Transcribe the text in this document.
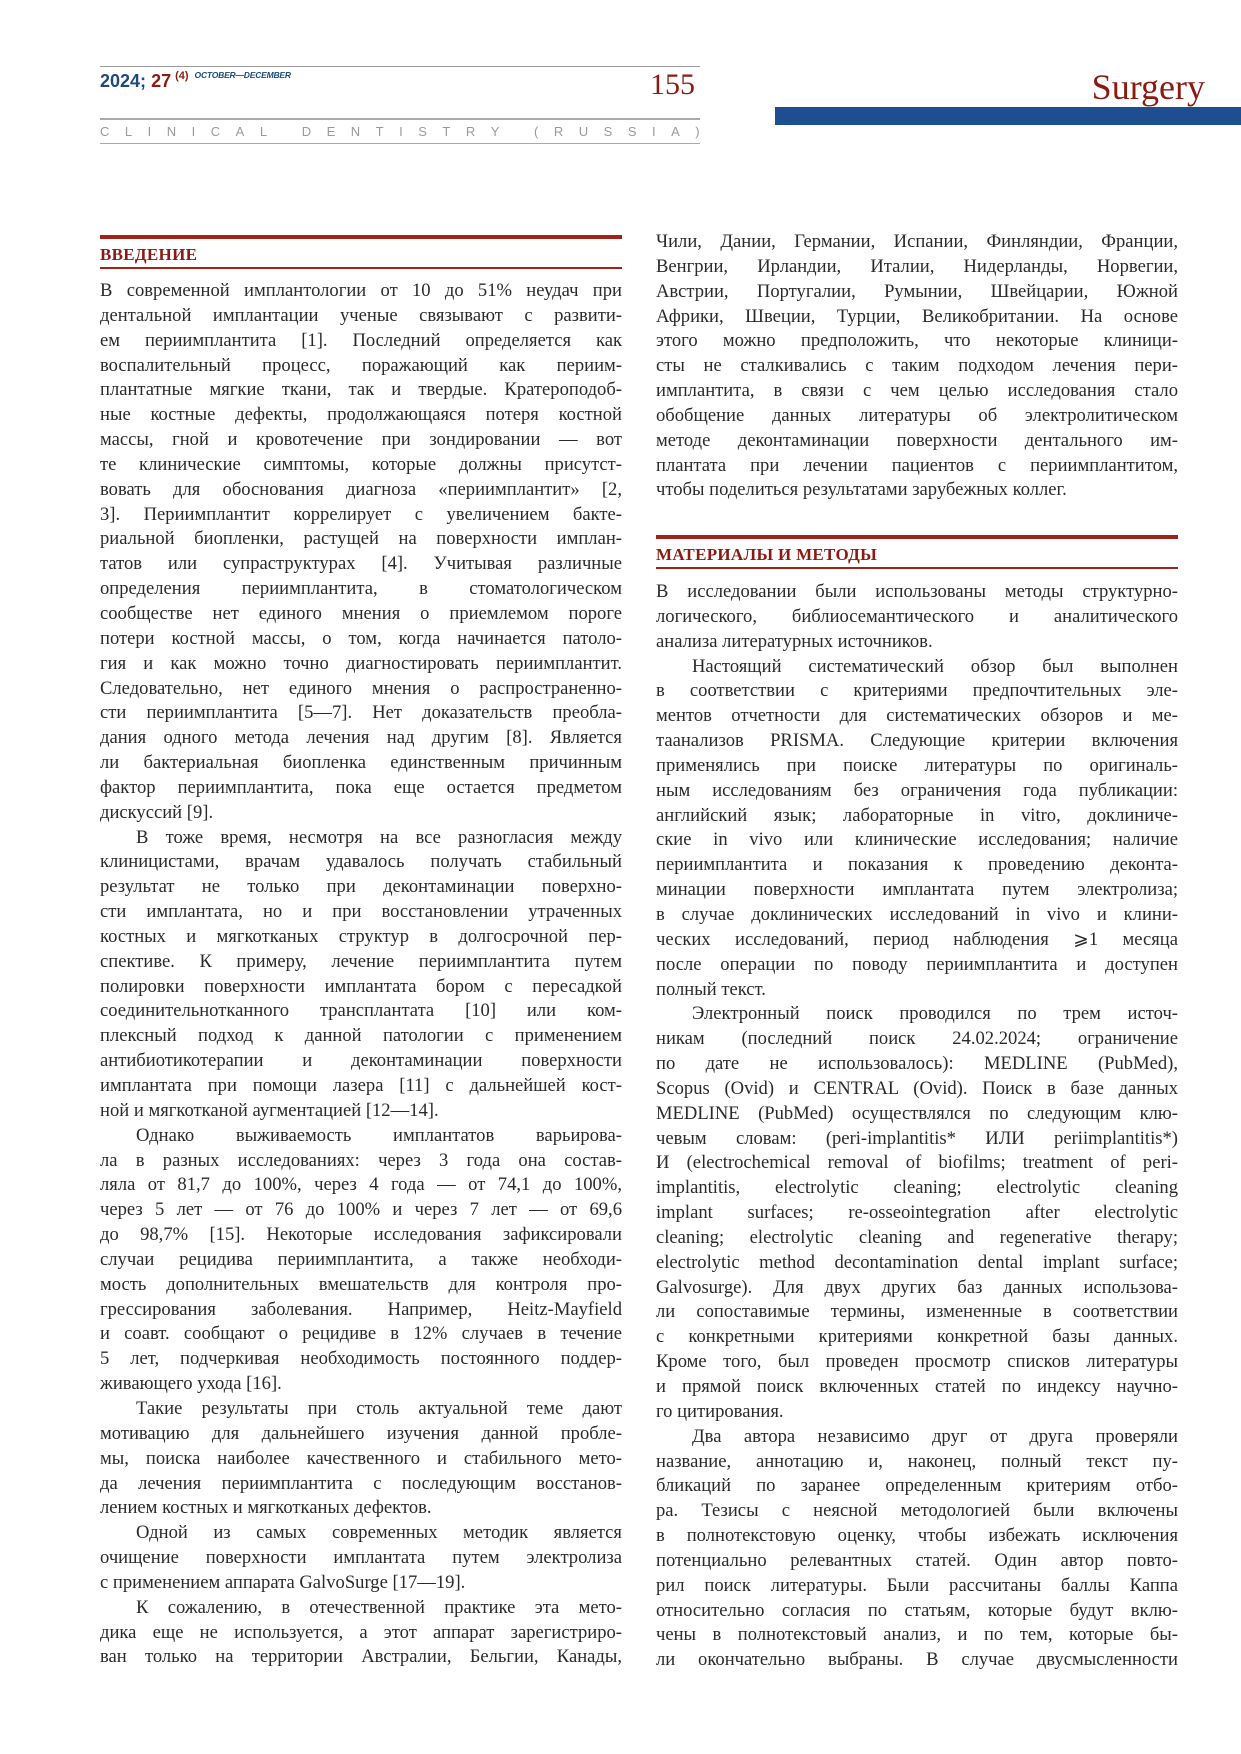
2024; 27 $^{(4)}$ $^{OCTOBER—DECEMBER}$	155
C L I N I C A L
	D E N T I S T R Y
	( R U S S I A )
Surgery
ВВЕДЕНИЕ
В современной имплантологии от 10 до 51% неудач при
дентальной имплантации ученые связывают с развити-
ем периимплантита [1]. Последний определяется как
воспалительный процесс, поражающий как периим-
плантатные мягкие ткани, так и твердые. Кратероподоб-
ные костные дефекты, продолжающаяся потеря костной
массы, гной и кровотечение при зондировании — вот
те клинические симптомы, которые должны присутст-
вовать для обоснования диагноза «периимплантит» [2,
3]. Периимплантит коррелирует с увеличением бакте-
риальной биопленки, растущей на поверхности имплан-
татов или супраструктурах [4]. Учитывая различные
определения периимплантита, в стоматологическом
сообществе нет единого мнения о приемлемом пороге
потери костной массы, о том, когда начинается патоло-
гия и как можно точно диагностировать периимплантит.
Следовательно, нет единого мнения о распространенно-
сти периимплантита [5—7]. Нет доказательств преобла-
дания одного метода лечения над другим [8]. Является
ли бактериальная биопленка единственным причинным
фактор периимплантита, пока еще остается предметом
дискуссий [9].
В тоже время, несмотря на все разногласия между
клиницистами, врачам удавалось получать стабильный
результат не только при деконтаминации поверхно-
сти имплантата, но и при восстановлении утраченных
костных и мягкотканых структур в долгосрочной пер-
спективе. К примеру, лечение периимплантита путем
полировки поверхности имплантата бором с пересадкой
соединительнотканного трансплантата [10] или ком-
плексный подход к данной патологии с применением
антибиотикотерапии и деконтаминации поверхности
имплантата при помощи лазера [11] с дальнейшей кост-
ной и мягкотканой аугментацией [12—14].
Однако выживаемость имплантатов варьирова-
ла в разных исследованиях: через 3 года она состав-
ляла от 81,7 до 100%, через 4 года — от 74,1 до 100%,
через 5 лет — от 76 до 100% и через 7 лет — от 69,6
до 98,7% [15]. Некоторые исследования зафиксировали
случаи рецидива периимплантита, а также необходи-
мость дополнительных вмешательств для контроля про-
грессирования заболевания. Например, Heitz-Mayfield
и соавт. сообщают о рецидиве в 12% случаев в течение
5 лет, подчеркивая необходимость постоянного поддер-
живающего ухода [16].
Такие результаты при столь актуальной теме дают
мотивацию для дальнейшего изучения данной пробле-
мы, поиска наиболее качественного и стабильного мето-
да лечения периимплантита с последующим восстанов-
лением костных и мягкотканых дефектов.
Одной из самых современных методик является
очищение поверхности имплантата путем электролиза
с применением аппарата GalvoSurge [17—19].
К сожалению, в отечественной практике эта мето-
дика еще не используется, а этот аппарат зарегистриро-
ван только на территории Австралии, Бельгии, Канады,
Чили, Дании, Германии, Испании, Финляндии, Франции,
Венгрии, Ирландии, Италии, Нидерланды, Норвегии,
Австрии, Португалии, Румынии, Швейцарии, Южной
Африки, Швеции, Турции, Великобритании. На основе
этого можно предположить, что некоторые клиници-
сты не сталкивались с таким подходом лечения пери-
имплантита, в связи с чем целью исследования стало
обобщение данных литературы об электролитическом
методе деконтаминации поверхности дентального им-
плантата при лечении пациентов с периимплантитом,
чтобы поделиться результатами зарубежных коллег.
МАТЕРИАЛЫ И МЕТОДЫ
В исследовании были использованы методы структурно-
логического, библиосемантического и аналитического
анализа литературных источников.
Настоящий систематический обзор был выполнен
в соответствии с критериями предпочтительных эле-
ментов отчетности для систематических обзоров и ме-
таанализов PRISMA. Следующие критерии включения
применялись при поиске литературы по оригиналь-
ным исследованиям без ограничения года публикации:
английский язык; лабораторные in vitro, доклиниче-
ские in vivo или клинические исследования; наличие
периимплантита и показания к проведению деконта-
минации поверхности имплантата путем электролиза;
в случае доклинических исследований in vivo и клини-
ческих исследований, период наблюдения ⩾1 месяца
после операции по поводу периимплантита и доступен
полный текст.
Электронный поиск проводился по трем источ-
никам (последний поиск 24.02.2024; ограничение
по дате не использовалось): MEDLINE (PubMed),
Scopus (Ovid) и CENTRAL (Ovid). Поиск в базе данных
MEDLINE (PubMed) осуществлялся по следующим клю-
чевым словам: (peri-implantitis* ИЛИ periimplantitis*)
И (electrochemical removal of biofilms; treatment of peri-
implantitis, electrolytic cleaning; electrolytic cleaning
implant surfaces; re-osseointegration after electrolytic
cleaning; electrolytic cleaning and regenerative therapy;
electrolytic method decontamination dental implant surface;
Galvosurge). Для двух других баз данных использова-
ли сопоставимые термины, измененные в соответствии
с конкретными критериями конкретной базы данных.
Кроме того, был проведен просмотр списков литературы
и прямой поиск включенных статей по индексу научно-
го цитирования.
Два автора независимо друг от друга проверяли
название, аннотацию и, наконец, полный текст пу-
бликаций по заранее определенным критериям отбо-
ра. Тезисы с неясной методологией были включены
в полнотекстовую оценку, чтобы избежать исключения
потенциально релевантных статей. Один автор повто-
рил поиск литературы. Были рассчитаны баллы Каппа
относительно согласия по статьям, которые будут вклю-
чены в полнотекстовый анализ, и по тем, которые бы-
ли окончательно выбраны. В случае двусмысленности
